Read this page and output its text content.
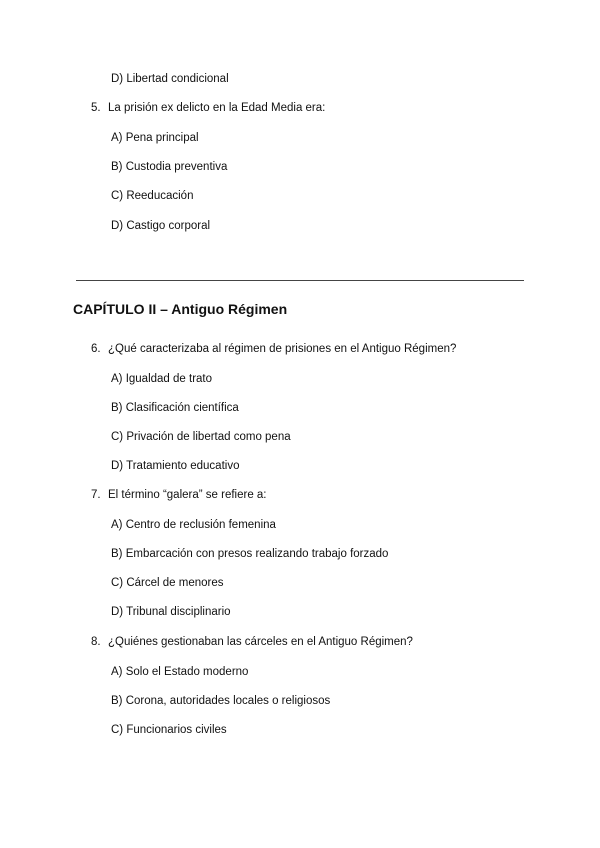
D) Libertad condicional
5. La prisión ex delicto en la Edad Media era:
A) Pena principal
B) Custodia preventiva
C) Reeducación
D) Castigo corporal
CAPÍTULO II – Antiguo Régimen
6. ¿Qué caracterizaba al régimen de prisiones en el Antiguo Régimen?
A) Igualdad de trato
B) Clasificación científica
C) Privación de libertad como pena
D) Tratamiento educativo
7. El término “galera” se refiere a:
A) Centro de reclusión femenina
B) Embarcación con presos realizando trabajo forzado
C) Cárcel de menores
D) Tribunal disciplinario
8. ¿Quiénes gestionaban las cárceles en el Antiguo Régimen?
A) Solo el Estado moderno
B) Corona, autoridades locales o religiosos
C) Funcionarios civiles
